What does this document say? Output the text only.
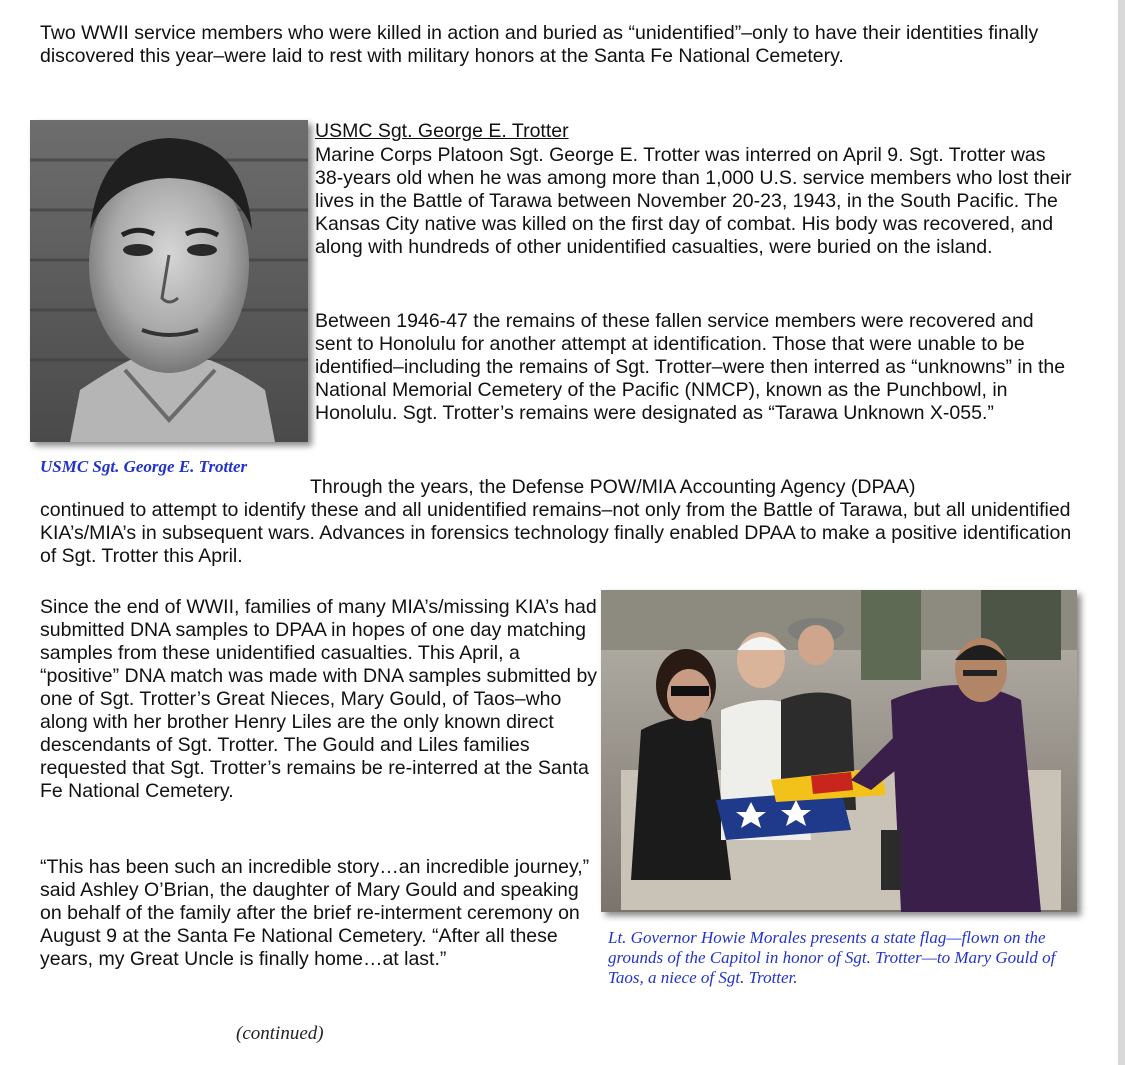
Two WWII service members who were killed in action and buried as “unidentified”–only to have their identities finally discovered this year–were laid to rest with military honors at the Santa Fe National Cemetery.

USMC Sgt. George E. Trotter

USMC Sgt. George E. Trotter

Marine Corps Platoon Sgt. George E. Trotter was interred on April 9. Sgt. Trotter was 38-years old when he was among more than 1,000 U.S. service members who lost their lives in the Battle of Tarawa between November 20-23, 1943, in the South Pacific. The Kansas City native was killed on the first day of combat. His body was recovered, and along with hundreds of other unidentified casualties, were buried on the island.

Between 1946-47 the remains of these fallen service members were recovered and sent to Honolulu for another attempt at identification. Those that were unable to be identified–including the remains of Sgt. Trotter–were then interred as “unknowns” in the National Memorial Cemetery of the Pacific (NMCP), known as the Punchbowl, in Honolulu. Sgt. Trotter’s remains were designated as “Tarawa Unknown X-055.”

Through the years, the Defense POW/MIA Accounting Agency (DPAA)

continued to attempt to identify these and all unidentified remains–not only from the Battle of Tarawa, but all unidentified KIA’s/MIA’s in subsequent wars. Advances in forensics technology finally enabled DPAA to make a positive identification of Sgt. Trotter this April.

Since the end of WWII, families of many MIA’s/missing KIA’s had submitted DNA samples to DPAA in hopes of one day matching samples from these unidentified casualties. This April, a “positive” DNA match was made with DNA samples submitted by one of Sgt. Trotter’s Great Nieces, Mary Gould, of Taos–who along with her brother Henry Liles are the only known direct descendants of Sgt. Trotter. The Gould and Liles families requested that Sgt. Trotter’s remains be re-interred at the Santa Fe National Cemetery.

“This has been such an incredible story…an incredible journey,” said Ashley O’Brian, the daughter of Mary Gould and speaking on behalf of the family after the brief re-interment ceremony on August 9 at the Santa Fe National Cemetery. “After all these years, my Great Uncle is finally home…at last.”

Lt. Governor Howie Morales presents a state flag—flown on the grounds of the Capitol in honor of Sgt. Trotter—to Mary Gould of Taos, a niece of Sgt. Trotter.

(continued)
